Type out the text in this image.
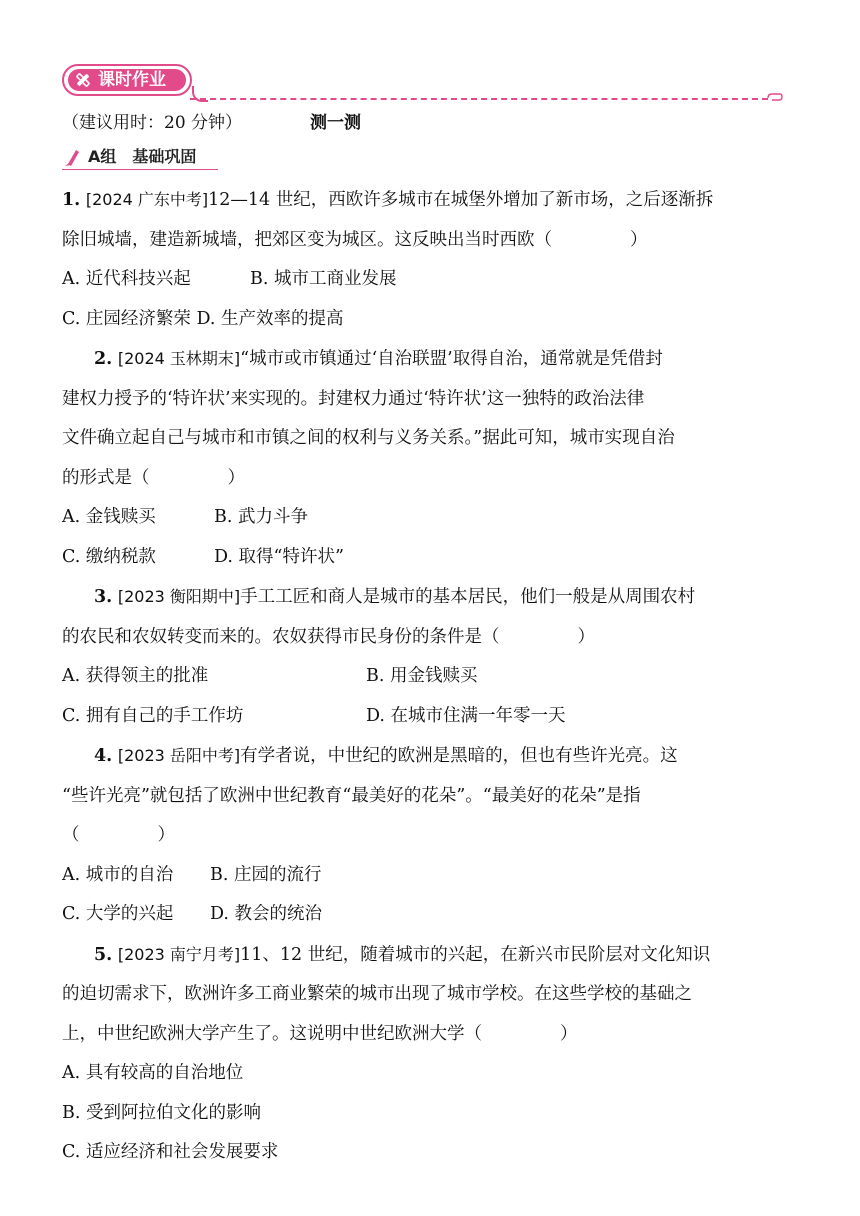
课时作业
（建议用时：20 分钟）	测一测
A组　基础巩固

1. [2024 广东中考]12—14 世纪，西欧许多城市在城堡外增加了新市场，之后逐渐拆
除旧城墙，建造新城墙，把郊区变为城区。这反映出当时西欧（	）

A. 近代科技兴起	B. 城市工商业发展

C. 庄园经济繁荣 D. 生产效率的提高

2. [2024 玉林期末]“城市或市镇通过‘自治联盟’取得自治，通常就是凭借封
建权力授予的‘特许状’来实现的。封建权力通过‘特许状’这一独特的政治法律
文件确立起自己与城市和市镇之间的权利与义务关系。”据此可知，城市实现自治
的形式是（	）

A. 金钱赎买	B. 武力斗争

C. 缴纳税款	D. 取得“特许状”

3. [2023 衡阳期中]手工工匠和商人是城市的基本居民，他们一般是从周围农村
的农民和农奴转变而来的。农奴获得市民身份的条件是（	）

A. 获得领主的批准	B. 用金钱赎买

C. 拥有自己的手工作坊	D. 在城市住满一年零一天

4. [2023 岳阳中考]有学者说，中世纪的欧洲是黑暗的，但也有些许光亮。这
“些许光亮”就包括了欧洲中世纪教育“最美好的花朵”。“最美好的花朵”是指
（	）

A. 城市的自治 B. 庄园的流行

C. 大学的兴起 D. 教会的统治

5. [2023 南宁月考]11、12 世纪，随着城市的兴起，在新兴市民阶层对文化知识
的迫切需求下，欧洲许多工商业繁荣的城市出现了城市学校。在这些学校的基础之
上，中世纪欧洲大学产生了。这说明中世纪欧洲大学（	）

A. 具有较高的自治地位

B. 受到阿拉伯文化的影响

C. 适应经济和社会发展要求
